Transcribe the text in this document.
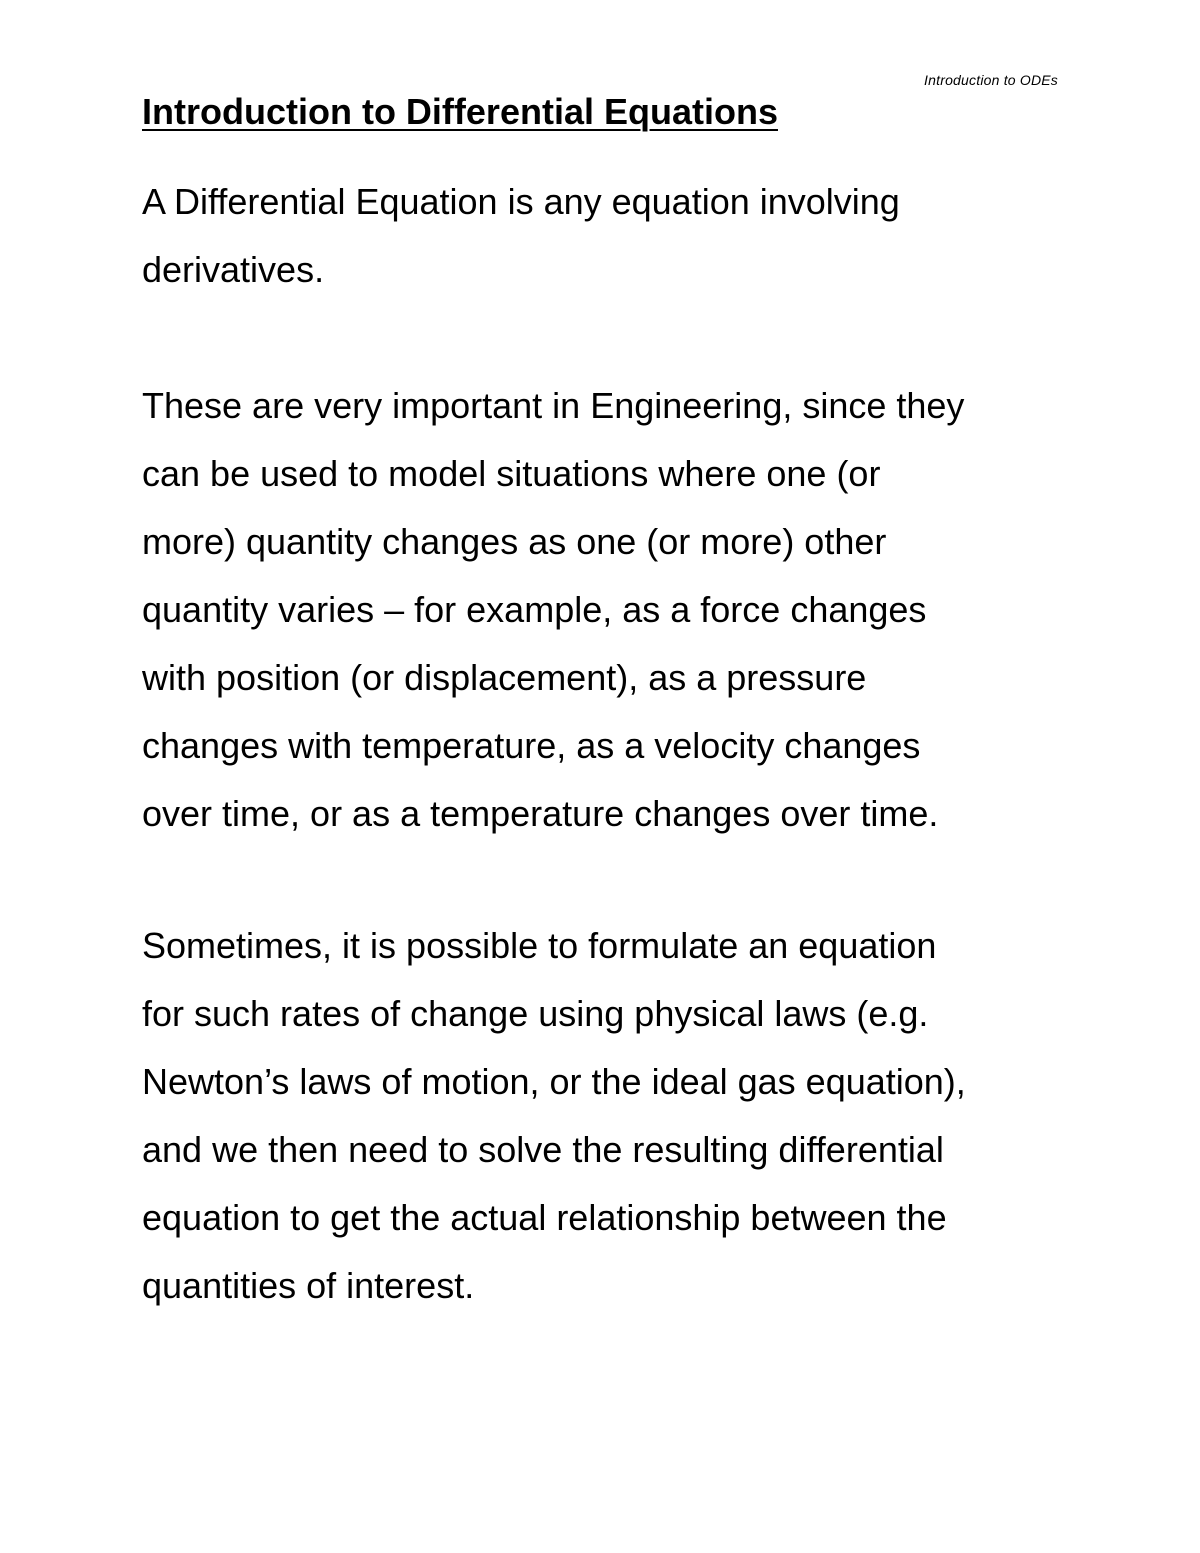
Introduction to ODEs
Introduction to Differential Equations
A Differential Equation is any equation involving
derivatives.
These are very important in Engineering, since they
can be used to model situations where one (or
more) quantity changes as one (or more) other
quantity varies – for example, as a force changes
with position (or displacement), as a pressure
changes with temperature, as a velocity changes
over time, or as a temperature changes over time.
Sometimes, it is possible to formulate an equation
for such rates of change using physical laws (e.g.
Newton’s laws of motion, or the ideal gas equation),
and we then need to solve the resulting differential
equation to get the actual relationship between the
quantities of interest.
